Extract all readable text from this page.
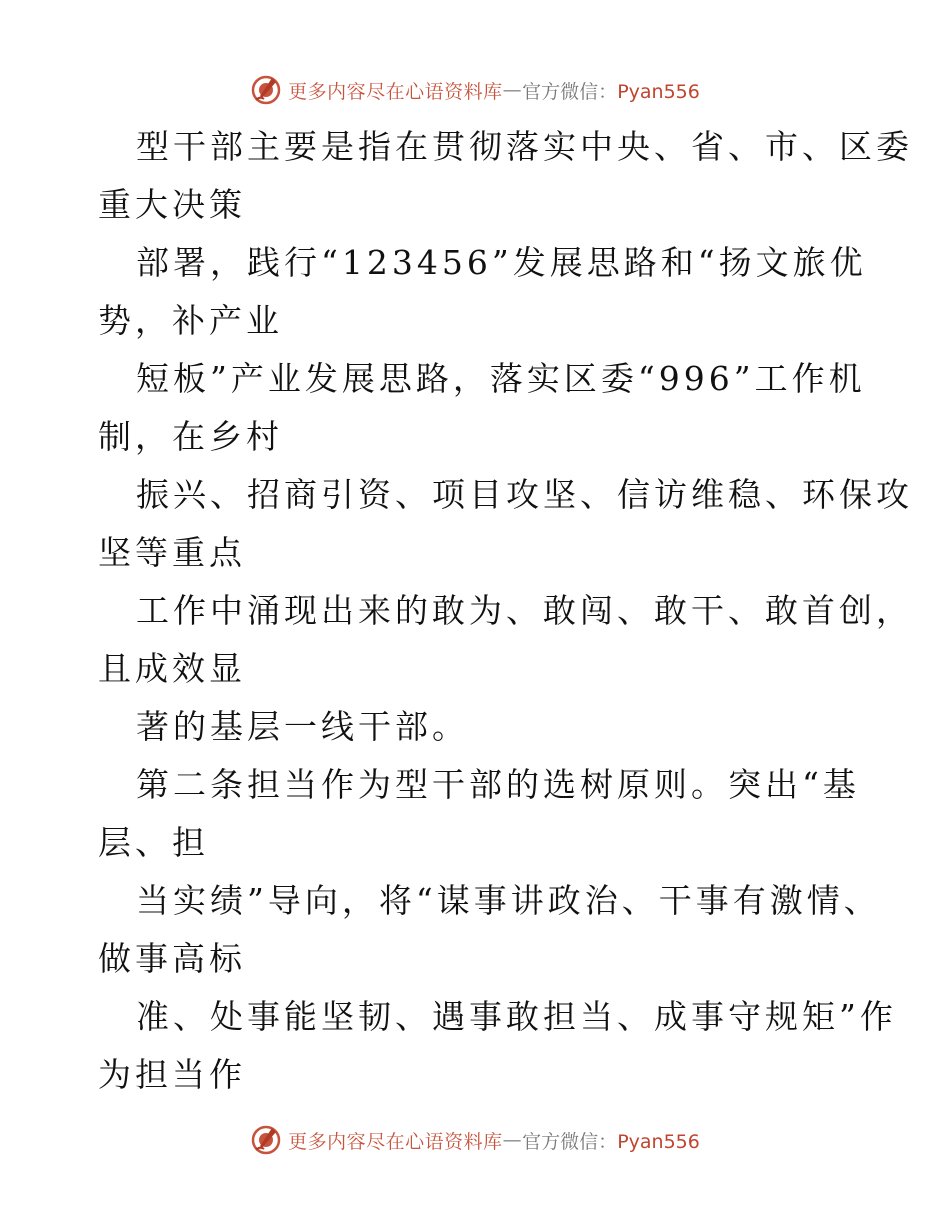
更多内容尽在心语资料库 — 官方微信：Pyan556
型干部主要是指在贯彻落实中央、省、市、区委
重大决策
部署，践行“123456”发展思路和“扬文旅优
势，补产业
短板”产业发展思路，落实区委“996”工作机
制，在乡村
振兴、招商引资、项目攻坚、信访维稳、环保攻
坚等重点
工作中涌现出来的敢为、敢闯、敢干、敢首创，
且成效显
著的基层一线干部。
第二条担当作为型干部的选树原则。突出“基
层、担
当实绩”导向，将“谋事讲政治、干事有激情、
做事高标
准、处事能坚韧、遇事敢担当、成事守规矩”作
为担当作
更多内容尽在心语资料库 — 官方微信：Pyan556
